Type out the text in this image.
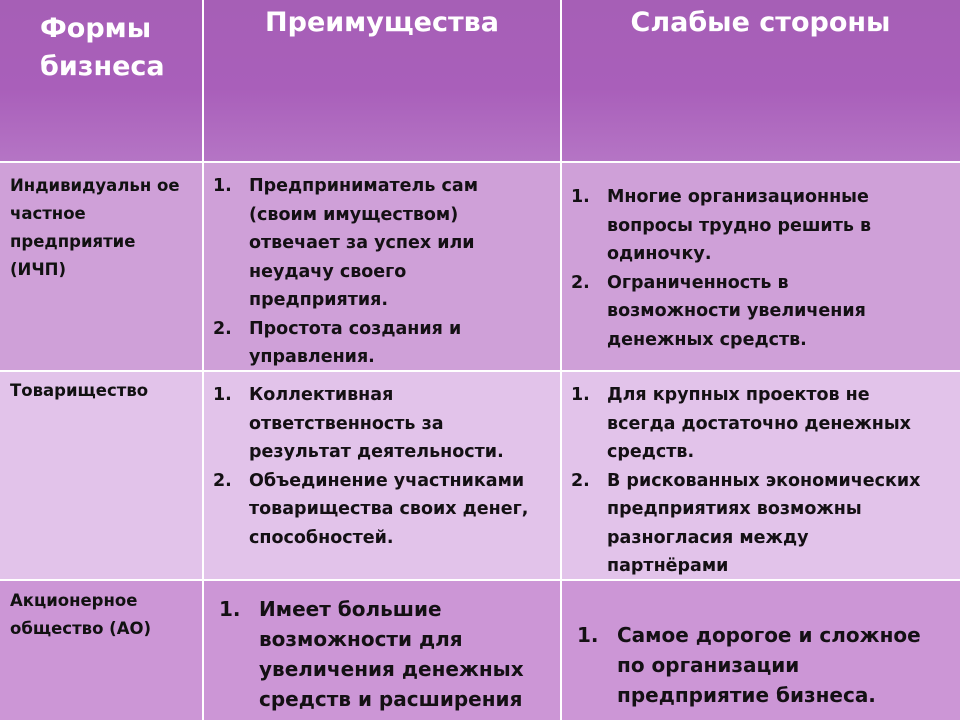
Формы бизнеса
Преимущества	Слабые стороны
Индивидуальн ое частное предприятие (ИЧП)
1. Предприниматель сам (своим имуществом) отвечает за успех или неудачу своего предприятия.
2. Простота создания и управления.
1. Многие организационные вопросы трудно решить в одиночку.
2. Ограниченность в возможности увеличения денежных средств.
Товарищество	1. Коллективная ответственность за результат деятельности.
2. Объединение участниками товарищества своих денег, способностей.
1. Для крупных проектов не всегда достаточно денежных средств.
2. В рискованных экономических предприятиях возможны разногласия между партнёрами
Акционерное общество (АО)
1. Имеет большие возможности для увеличения денежных средств и расширения
1. Самое дорогое и сложное по организации предприятие бизнеса.
